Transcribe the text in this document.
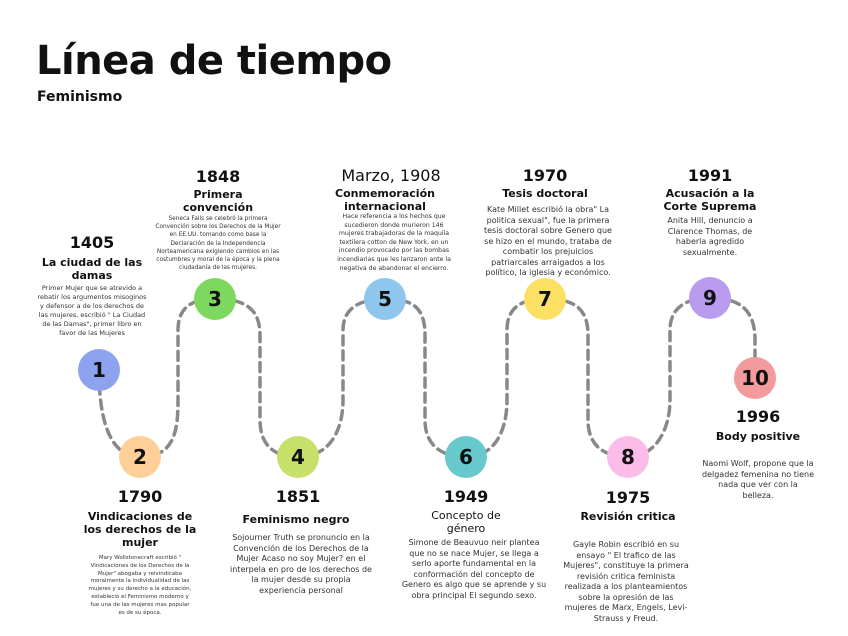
Línea de tiempo
Feminismo
1
2
3
4
5
6
7
8
9
10
1405
La ciudad de las damas
Primer Mujer que se atrevido a rebatir los argumentos misoginos y defensor a de los derechos de las mujeres, escribió " La Ciudad de las Damas", primer libro en favor de las Mujeres
1790
Vindicaciones de los derechos de la mujer
Mary Wollstonecraft escribió " Vindicaciones de los Derechos de la Mujer" abogaba y reivindicaba moralmente la individualidad de las mujeres y su derecho a la educación, estableció el Feminismo moderno y fue una de las mujeres mas popular es de su época.
1848
Primera convención
Seneca Falls se celebró la primera Convención sobre los Derechos de la Mujer en EE.UU. tomando como base la Declaración de la Independencia Norteamericana exigiendo cambios en las costumbres y moral de la época y la plena ciudadanía de las mujeres.
1851
Feminismo negro
Sojourner Truth se pronuncio en la Convención de los Derechos de la Mujer Acaso no soy Mujer? en el interpela en pro de los derechos de la mujer desde su propia experiencia personal
Marzo, 1908
Conmemoración internacional
Hace referencia a los hechos que sucedieron donde murieron 146 mujeres trabajadoras de la maquila textilera cotton de New York, en un incendio provocado por las bombas incendiarias que les lanzaron ante la negativa de abandonar el encierro.
1949
Concepto de género
Simone de Beauvuo neir plantea que no se nace Mujer, se llega a serlo aporte fundamental en la conformación del concepto de Genero es algo que se aprende y su obra principal El segundo sexo.
1970
Tesis doctoral
Kate Millet escribió la obra" La politica sexual", fue la primera tesis doctoral sobre Genero que se hizo en el mundo, trataba de combatir los prejuicios patriarcales arraigados a los político, la iglesia y económico.
1975
Revisión critica
Gayle Robin escribió en su ensayo " El trafico de las Mujeres", constituye la primera revisión critica feminista realizada a los planteamientos sobre la opresión de las mujeres de Marx, Engels, Levi-Strauss y Freud.
1991
Acusación a la Corte Suprema
Anita Hill, denuncio a Clarence Thomas, de haberla agredido sexualmente.
1996
Body positive
Naomi Wolf, propone que la delgadez femenina no tiene nada que ver con la belleza.
